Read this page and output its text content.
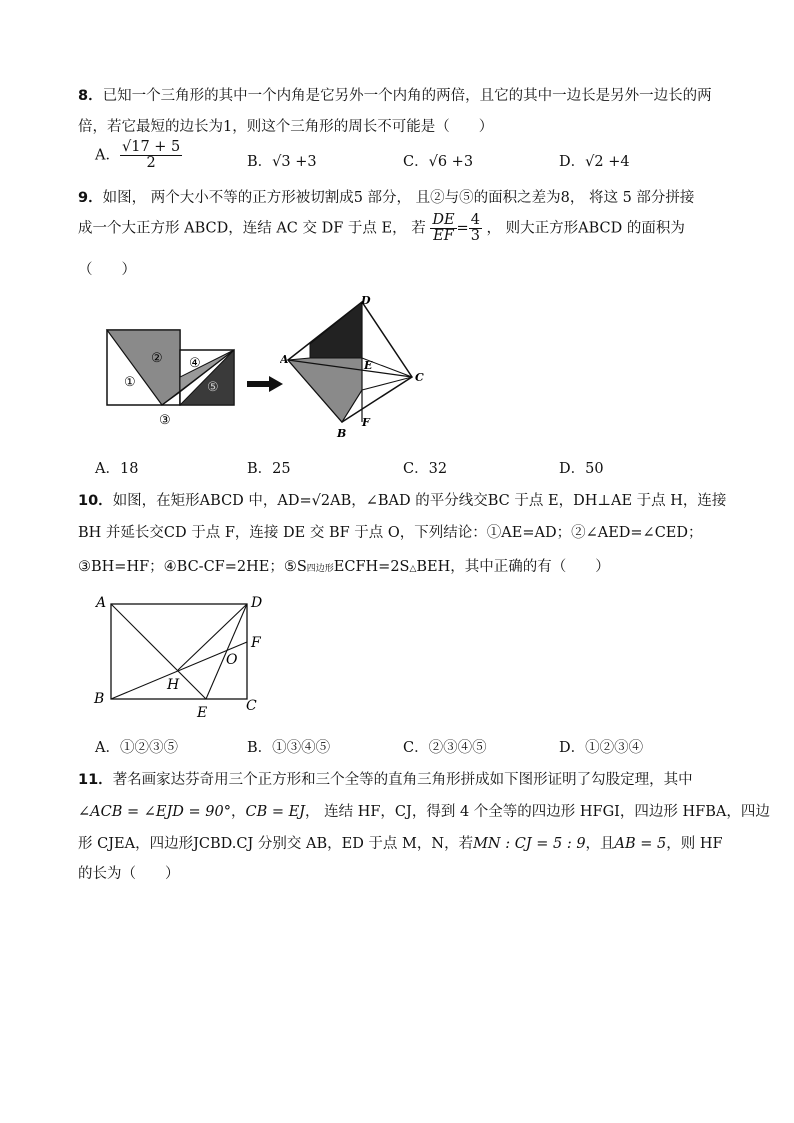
8．已知一个三角形的其中一个内角是它另外一个内角的两倍，且它的其中一边长是另外一边长的两
倍，若它最短的边长为1，则这个三角形的周长不可能是（　　）
A． $\frac{√17 + 5}{2}$	B．√3 +3	C．√6 +3	D．√2 +4
9．如图， 两个大小不等的正方形被切割成5 部分， 且②与⑤的面积之差为8， 将这 5 部分拼接
成一个大正方形 ABCD，连结 AC 交 DF 于点 E， 若 $\frac{DE}{EF} = \frac{4}{3}$ ， 则大正方形ABCD 的面积为
（　　）
①
② ④
⑤
③
D
A	E
C
B
F
A．18	B．25	C．32	D．50
10．如图，在矩形ABCD 中，AD=√2AB，∠BAD 的平分线交BC 于点 E，DH⊥AE 于点 H，连接
BH 并延长交CD 于点 F，连接 DE 交 BF 于点 O，下列结论：①AE=AD；②∠AED=∠CED；
③BH=HF；④BC-CF=2HE；⑤S四边形ECFH=2S△BEH，其中正确的有（　　）
A	D
F
O
H
B
E	C
A．①②③⑤	B．①③④⑤	C．②③④⑤	D．①②③④
11．著名画家达芬奇用三个正方形和三个全等的直角三角形拼成如下图形证明了勾股定理，其中
∠ACB = ∠EJD = 90°，CB = EJ， 连结 HF，CJ，得到 4 个全等的四边形 HFGI，四边形 HFBA，四边
形 CJEA，四边形JCBD.CJ 分别交 AB，ED 于点 M，N，若MN : CJ = 5 : 9，且AB = 5，则 HF
的长为（　　）
